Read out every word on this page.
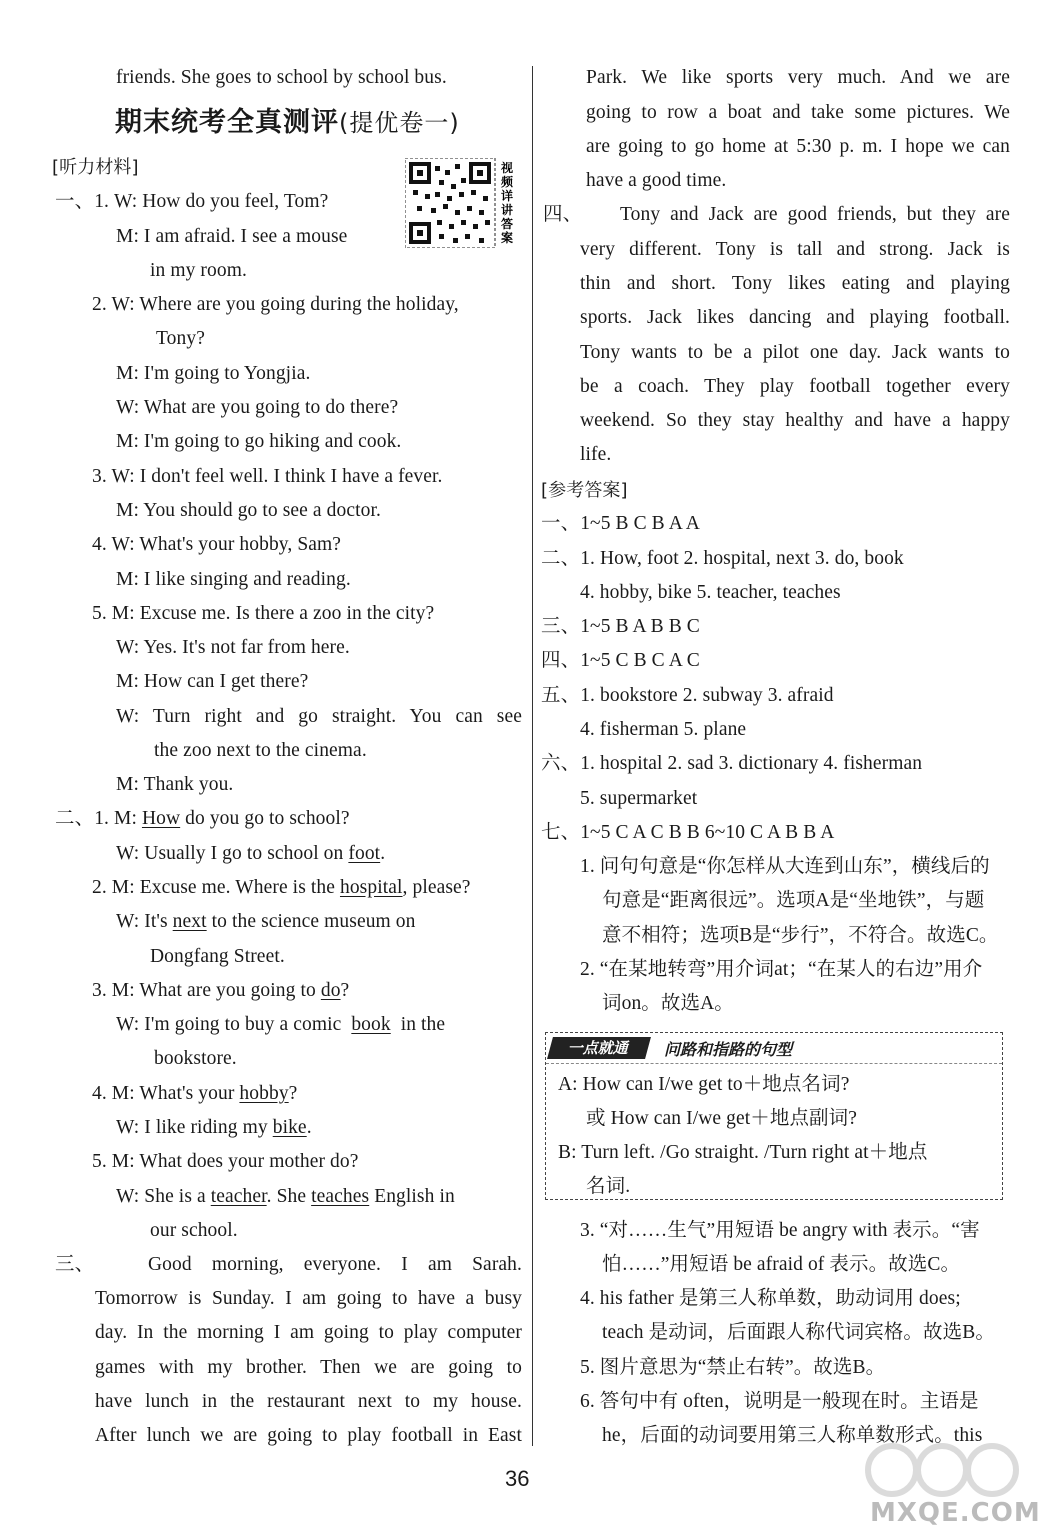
friends. She goes to school by school bus.
期末统考全真测评(提优卷一)
[听力材料]	视
频
详
讲
答
案
一、1. W: How do you feel, Tom?
M: I am afraid. I see a mouse
in my room.
2. W: Where are you going during the holiday,
Tony?
M: I'm going to Yongjia.
W: What are you going to do there?
M: I'm going to go hiking and cook.
3. W: I don't feel well. I think I have a fever.
M: You should go to see a doctor.
4. W: What's your hobby, Sam?
M: I like singing and reading.
5. M: Excuse me. Is there a zoo in the city?
W: Yes. It's not far from here.
M: How can I get there?
W: Turn right and go straight. You can see
the zoo next to the cinema.
M: Thank you.
二、1. M: How do you go to school?
W: Usually I go to school on foot.
2. M: Excuse me. Where is the hospital, please?
W: It's next to the science museum on
Dongfang Street.
3. M: What are you going to do?
W: I'm going to buy a comic book in the
bookstore.
4. M: What's your hobby?
W: I like riding my bike.
5. M: What does your mother do?
W: She is a teacher. She teaches English in
our school.
三、	Good morning, everyone. I am Sarah.
Tomorrow is Sunday. I am going to have a busy
day. In the morning I am going to play computer
games with my brother. Then we are going to
have lunch in the restaurant next to my house.
After lunch we are going to play football in East
Park. We like sports very much. And we are
going to row a boat and take some pictures. We
are going to go home at 5:30 p. m. I hope we can
have a good time.
四、 Tony and Jack are good friends, but they are
very different. Tony is tall and strong. Jack is
thin and short. Tony likes eating and playing
sports. Jack likes dancing and playing football.
Tony wants to be a pilot one day. Jack wants to
be a coach. They play football together every
weekend. So they stay healthy and have a happy
life.
[参考答案]
一、1~5 B C B A A
二、1. How, foot 2. hospital, next 3. do, book
4. hobby, bike 5. teacher, teaches
三、1~5 B A B B C
四、1~5 C B C A C
五、1. bookstore 2. subway 3. afraid
4. fisherman 5. plane
六、1. hospital 2. sad 3. dictionary 4. fisherman
5. supermarket
七、1~5 C A C B B 6~10 C A B B A
1. 问句句意是“你怎样从大连到山东”，横线后的
句意是“距离很远”。选项A是“坐地铁”，与题
意不相符；选项B是“步行”，不符合。故选C。
2. “在某地转弯”用介词at；“在某人的右边”用介
词on。故选A。
一点就通	问路和指路的句型
A: How can I/we get to＋地点名词?
或 How can I/we get＋地点副词?
B: Turn left. /Go straight. /Turn right at＋地点
名词.
3. “对……生气”用短语 be angry with 表示。“害
怕……”用短语 be afraid of 表示。故选C。
4. his father 是第三人称单数，助动词用 does;
teach 是动词，后面跟人称代词宾格。故选B。
5. 图片意思为“禁止右转”。故选B。
6. 答句中有 often，说明是一般现在时。主语是
he，后面的动词要用第三人称单数形式。this
36
MXQE.COM
